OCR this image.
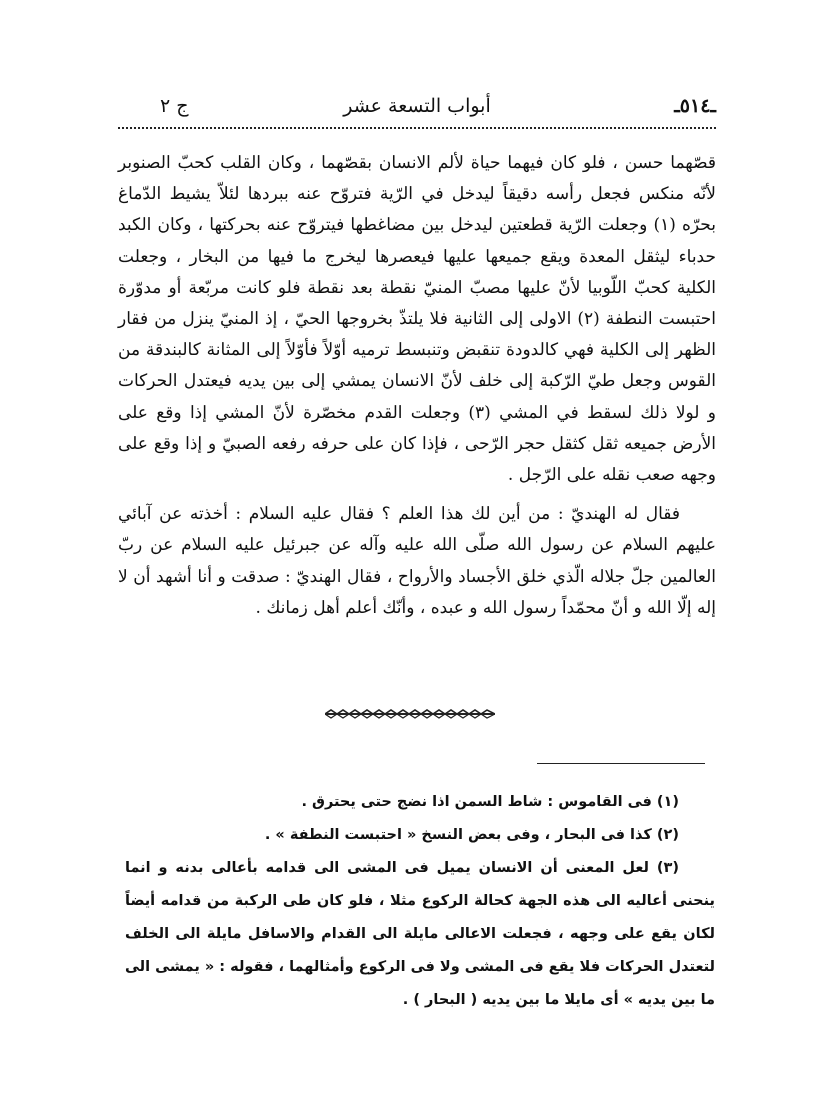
ـ٥١٤ـ
أبواب التسعة عشر
ج ٢

قصّهما حسن ، فلو كان فيهما حياة لألم الانسان بقصّهما ، وكان القلب كحبّ الصنوبر لأنّه منكس فجعل رأسه دقيقاً ليدخل في الرّية فتروّح عنه ببردها لئلاّ يشيط الدّماغ بحرّه (١) وجعلت الرّية قطعتين ليدخل بين مضاغطها فيتروّح عنه بحركتها ، وكان الكبد حدباء ليثقل المعدة ويقع جميعها عليها فيعصرها ليخرج ما فيها من البخار ، وجعلت الكلية كحبّ اللّوبيا لأنّ عليها مصبّ المنيّ نقطة بعد نقطة فلو كانت مربّعة أو مدوّرة احتبست النطفة (٢) الاولى إلى الثانية فلا يلتذّ بخروجها الحيّ ، إذ المنيّ ينزل من فقار الظهر إلى الكلية فهي كالدودة تنقبض وتنبسط ترميه أوّلاً فأوّلاً إلى المثانة كالبندقة من القوس وجعل طيّ الرّكبة إلى خلف لأنّ الانسان يمشي إلى بين يديه فيعتدل الحركات و لولا ذلك لسقط في المشي (٣) وجعلت القدم مخصّرة لأنّ المشي إذا وقع على الأرض جميعه ثقل كثقل حجر الرّحى ، فإذا كان على حرفه رفعه الصبيّ و إذا وقع على وجهه صعب نقله على الرّجل .

فقال له الهنديّ : من أين لك هذا العلم ؟ فقال عليه السلام : أخذته عن آبائي عليهم السلام عن رسول الله صلّى الله عليه وآله عن جبرئيل عليه السلام عن ربّ العالمين جلّ جلاله الّذي خلق الأجساد والأرواح ، فقال الهنديّ : صدقت و أنا أشهد أن لا إله إلّا الله و أنّ محمّداً رسول الله و عبده ، وأنّك أعلم أهل زمانك .

(١) فى القاموس : شاط السمن اذا نضج حتى يحترق .

(٢) كذا فى البحار ، وفى بعض النسخ « احتبست النطفة » .

(٣) لعل المعنى أن الانسان يميل فى المشى الى قدامه بأعالى بدنه و انما ينحنى أعاليه الى هذه الجهة كحالة الركوع مثلا ، فلو كان طى الركبة من قدامه أيضاً لكان يقع على وجهه ، فجعلت الاعالى مايلة الى القدام والاسافل مايلة الى الخلف لتعتدل الحركات فلا يقع فى المشى ولا فى الركوع وأمثالهما ، فقوله : « يمشى الى ما بين يديه » أى مايلا ما بين يديه ( البحار ) .
